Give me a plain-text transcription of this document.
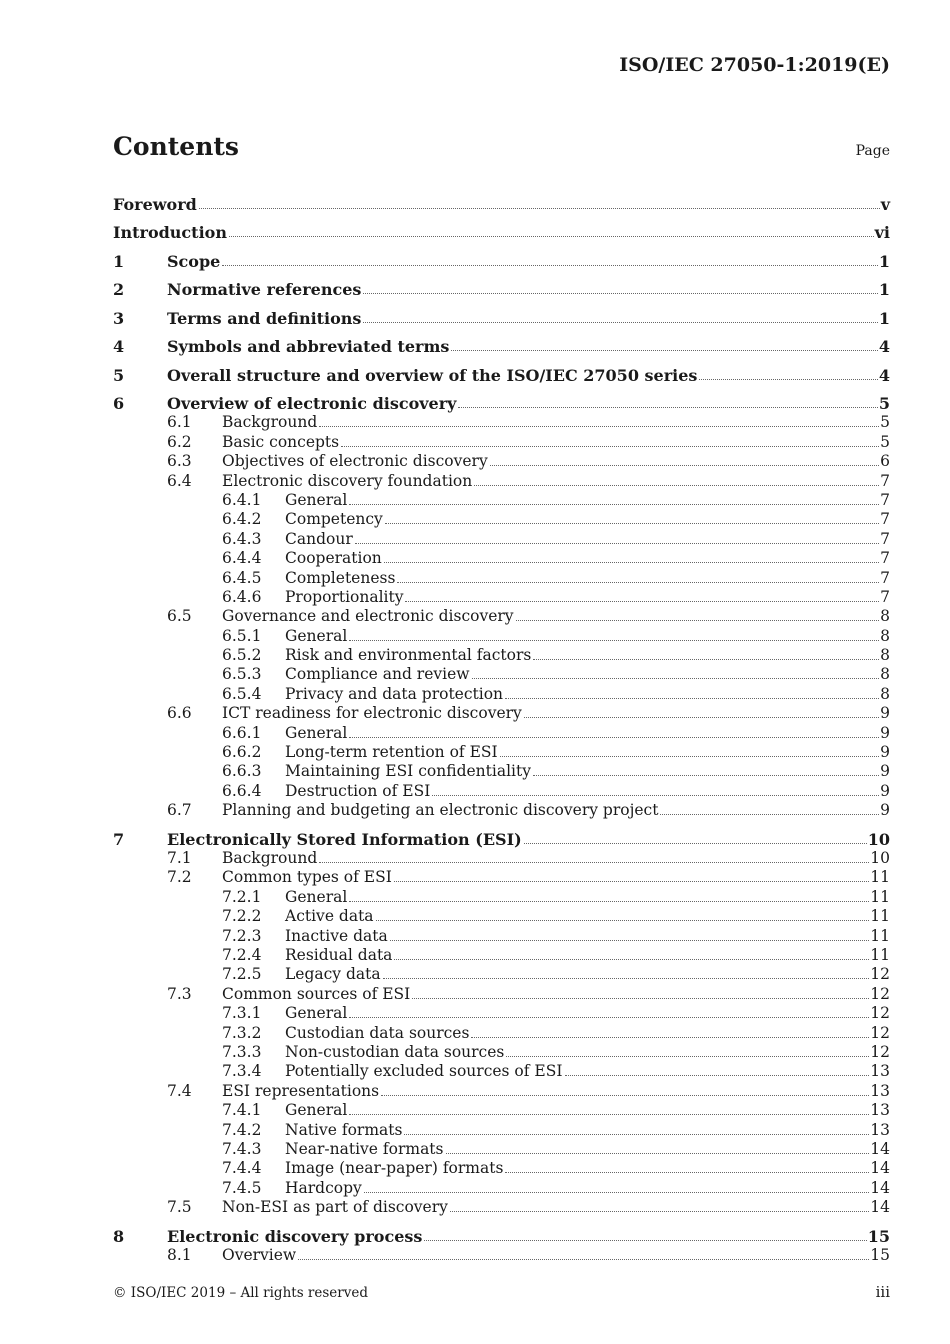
ISO/IEC 27050-1:2019(E)
Contents	Page
Foreword	v
Introduction	vi
1	Scope	1
2	Normative references	1
3	Terms and definitions	1
4	Symbols and abbreviated terms	4
5	Overall structure and overview of the ISO/IEC 27050 series	4
6	Overview of electronic discovery	5
6.1	Background	5
6.2	Basic concepts	5
6.3	Objectives of electronic discovery	6
6.4	Electronic discovery foundation	7
6.4.1	General	7
6.4.2	Competency	7
6.4.3	Candour	7
6.4.4	Cooperation	7
6.4.5	Completeness	7
6.4.6	Proportionality	7
6.5	Governance and electronic discovery	8
6.5.1	General	8
6.5.2	Risk and environmental factors	8
6.5.3	Compliance and review	8
6.5.4	Privacy and data protection	8
6.6	ICT readiness for electronic discovery	9
6.6.1	General	9
6.6.2	Long-term retention of ESI	9
6.6.3	Maintaining ESI confidentiality	9
6.6.4	Destruction of ESI	9
6.7	Planning and budgeting an electronic discovery project	9
7	Electronically Stored Information (ESI)	10
7.1	Background	10
7.2	Common types of ESI	11
7.2.1	General	11
7.2.2	Active data	11
7.2.3	Inactive data	11
7.2.4	Residual data	11
7.2.5	Legacy data	12
7.3	Common sources of ESI	12
7.3.1	General	12
7.3.2	Custodian data sources	12
7.3.3	Non-custodian data sources	12
7.3.4	Potentially excluded sources of ESI	13
7.4	ESI representations	13
7.4.1	General	13
7.4.2	Native formats	13
7.4.3	Near-native formats	14
7.4.4	Image (near-paper) formats	14
7.4.5	Hardcopy	14
7.5	Non-ESI as part of discovery	14
8	Electronic discovery process	15
8.1	Overview	15
© ISO/IEC 2019 – All rights reserved	iii
